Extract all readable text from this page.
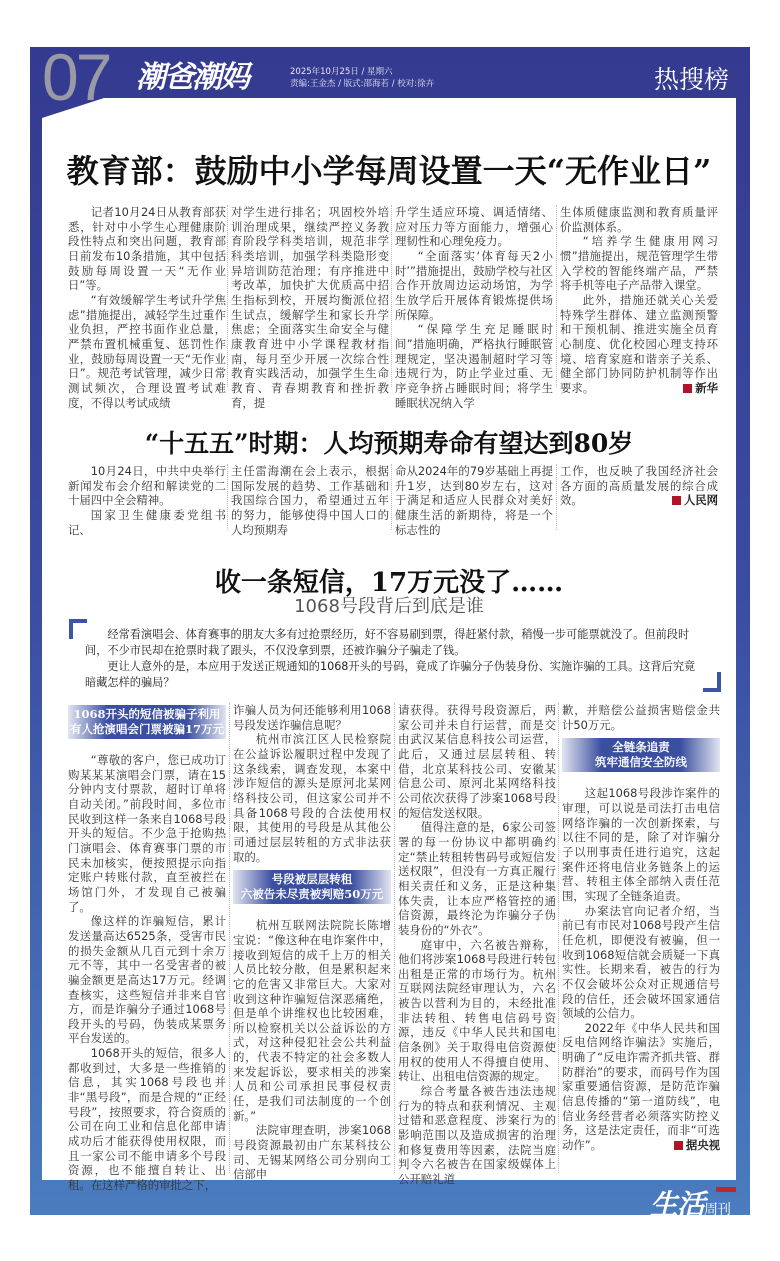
07 潮爸潮妈	2025年10月25日 / 星期六
责编:王金杰 / 版式:邵海若 / 校对:徐卉	热搜榜
教育部：鼓励中小学每周设置一天“无作业日”

记者10月24日从教育部获悉，针对中小学生心理健康阶段性特点和突出问题，教育部日前发布10条措施，其中包括鼓励每周设置一天“无作业日”等。

“有效缓解学生考试升学焦虑”措施提出，减轻学生过重作业负担，严控书面作业总量，严禁布置机械重复、惩罚性作业，鼓励每周设置一天“无作业日”。规范考试管理，减少日常测试频次，合理设置考试难度，不得以考试成绩

对学生进行排名；巩固校外培训治理成果，继续严控义务教育阶段学科类培训，规范非学科类培训，加强学科类隐形变异培训防范治理；有序推进中考改革，加快扩大优质高中招生指标到校，开展均衡派位招生试点，缓解学生和家长升学焦虑；全面落实生命安全与健康教育进中小学课程教材指南，每月至少开展一次综合性教育实践活动，加强学生生命教育、青春期教育和挫折教育，提

升学生适应环境、调适情绪、应对压力等方面能力，增强心理韧性和心理免疫力。

“全面落实‘体育每天2小时’”措施提出，鼓励学校与社区合作开放周边运动场馆，为学生放学后开展体育锻炼提供场所保障。

“保障学生充足睡眠时间”措施明确，严格执行睡眠管理规定，坚决遏制超时学习等违规行为，防止学业过重、无序竞争挤占睡眠时间；将学生睡眠状况纳入学

生体质健康监测和教育质量评价监测体系。

“培养学生健康用网习惯”措施提出，规范管理学生带入学校的智能终端产品，严禁将手机等电子产品带入课堂。

此外，措施还就关心关爱特殊学生群体、建立监测预警和干预机制、推进实施全员育心制度、优化校园心理支持环境、培育家庭和谐亲子关系、健全部门协同防护机制等作出要求。	新华

“十五五”时期：人均预期寿命有望达到80岁

10月24日，中共中央举行新闻发布会介绍和解读党的二十届四中全会精神。

国家卫生健康委党组书记、

主任雷海潮在会上表示，根据国际发展的趋势、工作基础和我国综合国力，希望通过五年的努力，能够使得中国人口的人均预期寿

命从2024年的79岁基础上再提升1岁，达到80岁左右，这对于满足和适应人民群众对美好健康生活的新期待，将是一个标志性的

工作，也反映了我国经济社会各方面的高质量发展的综合成效。	人民网

收一条短信，17万元没了……
1068号段背后到底是谁

经常看演唱会、体育赛事的朋友大多有过抢票经历，好不容易刷到票，得赶紧付款，稍慢一步可能票就没了。但前段时间，不少市民却在抢票时栽了跟头，不仅没拿到票，还被诈骗分子骗走了钱。

更让人意外的是，本应用于发送正规通知的1068开头的号码，竟成了诈骗分子伪装身份、实施诈骗的工具。这背后究竟暗藏怎样的骗局？

1068开头的短信被骗子利用
有人抢演唱会门票被骗17万元

“尊敬的客户，您已成功订购某某某演唱会门票，请在15分钟内支付票款，超时订单将自动关闭。”前段时间，多位市民收到这样一条来自1068号段开头的短信。不少急于抢购热门演唱会、体育赛事门票的市民未加核实，便按照提示向指定账户转账付款，直至被拦在场馆门外，才发现自己被骗了。

像这样的诈骗短信，累计发送量高达6525条，受害市民的损失金额从几百元到十余万元不等，其中一名受害者的被骗金额更是高达17万元。经调查核实，这些短信并非来自官方，而是诈骗分子通过1068号段开头的号码，伪装成某票务平台发送的。

1068开头的短信，很多人都收到过，大多是一些推销的信息，其实1068号段也并非“黑号段”，而是合规的“正经号段”，按照要求，符合资质的公司在向工业和信息化部申请成功后才能获得使用权限，而且一家公司不能申请多个号段资源，也不能擅自转让、出租。在这样严格的审批之下，

诈骗人员为何还能够利用1068号段发送诈骗信息呢？

杭州市滨江区人民检察院在公益诉讼履职过程中发现了这条线索，调查发现，本案中涉诈短信的源头是原河北某网络科技公司，但这家公司并不具备1068号段的合法使用权限，其使用的号段是从其他公司通过层层转租的方式非法获取的。

号段被层层转租
六被告未尽责被判赔50万元

杭州互联网法院院长陈增宝说：“像这种在电诈案件中，接收到短信的成千上万的相关人员比较分散，但是累积起来它的危害又非常巨大。大家对收到这种诈骗短信深恶痛绝，但是单个讲维权也比较困难，所以检察机关以公益诉讼的方式，对这种侵犯社会公共利益的，代表不特定的社会多数人来发起诉讼，要求相关的涉案人员和公司承担民事侵权责任，是我们司法制度的一个创新。”

法院审理查明，涉案1068号段资源最初由广东某科技公司、无锡某网络公司分别向工信部申

请获得。获得号段资源后，两家公司并未自行运营，而是交由武汉某信息科技公司运营，此后，又通过层层转租、转借，北京某科技公司、安徽某信息公司、原河北某网络科技公司依次获得了涉案1068号段的短信发送权限。

值得注意的是，6家公司签署的每一份协议中都明确约定“禁止转租转售码号或短信发送权限”，但没有一方真正履行相关责任和义务，正是这种集体失责，让本应严格管控的通信资源，最终沦为诈骗分子伪装身份的“外衣”。

庭审中，六名被告辩称，他们将涉案1068号段进行转包出租是正常的市场行为。杭州互联网法院经审理认为，六名被告以营利为目的，未经批准非法转租、转售电信码号资源，违反《中华人民共和国电信条例》关于取得电信资源使用权的使用人不得擅自使用、转让、出租电信资源的规定。

综合考量各被告违法违规行为的特点和获利情况、主观过错和恶意程度、涉案行为的影响范围以及造成损害的治理和修复费用等因素，法院当庭判令六名被告在国家级媒体上公开赔礼道

歉，并赔偿公益损害赔偿金共计50万元。

全链条追责
筑牢通信安全防线

这起1068号段涉诈案件的审理，可以说是司法打击电信网络诈骗的一次创新探索，与以往不同的是，除了对诈骗分子以刑事责任进行追究，这起案件还将电信业务链条上的运营、转租主体全部纳入责任范围，实现了全链条追责。

办案法官向记者介绍，当前已有市民对1068号段产生信任危机，即便没有被骗，但一收到1068短信就会质疑一下真实性。长期来看，被告的行为不仅会破坏公众对正规通信号段的信任，还会破坏国家通信领域的公信力。

2022年《中华人民共和国反电信网络诈骗法》实施后，明确了“反电诈需齐抓共管、群防群治”的要求，而码号作为国家重要通信资源，是防范诈骗信息传播的“第一道防线”，电信业务经营者必须落实防控义务，这是法定责任，而非“可选动作”。	据央视

生活周刊
